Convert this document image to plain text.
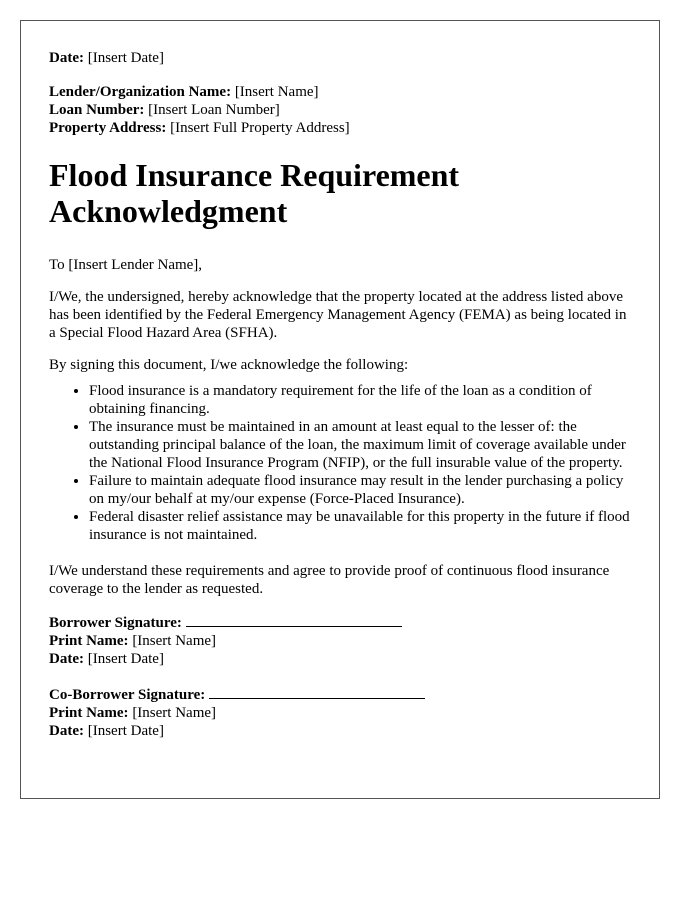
Date: [Insert Date]

Lender/Organization Name: [Insert Name]

Loan Number: [Insert Loan Number]

Property Address: [Insert Full Property Address]

Flood Insurance Requirement Acknowledgment

To [Insert Lender Name],

I/We, the undersigned, hereby acknowledge that the property located at the address listed above has been identified by the Federal Emergency Management Agency (FEMA) as being located in a Special Flood Hazard Area (SFHA).

By signing this document, I/we acknowledge the following:

• Flood insurance is a mandatory requirement for the life of the loan as a condition of obtaining financing.
• The insurance must be maintained in an amount at least equal to the lesser of: the outstanding principal balance of the loan, the maximum limit of coverage available under the National Flood Insurance Program (NFIP), or the full insurable value of the property.
• Failure to maintain adequate flood insurance may result in the lender purchasing a policy on my/our behalf at my/our expense (Force-Placed Insurance).
• Federal disaster relief assistance may be unavailable for this property in the future if flood insurance is not maintained.

I/We understand these requirements and agree to provide proof of continuous flood insurance coverage to the lender as requested.

Borrower Signature:

Print Name: [Insert Name]

Date: [Insert Date]

Co-Borrower Signature:

Print Name: [Insert Name]

Date: [Insert Date]
